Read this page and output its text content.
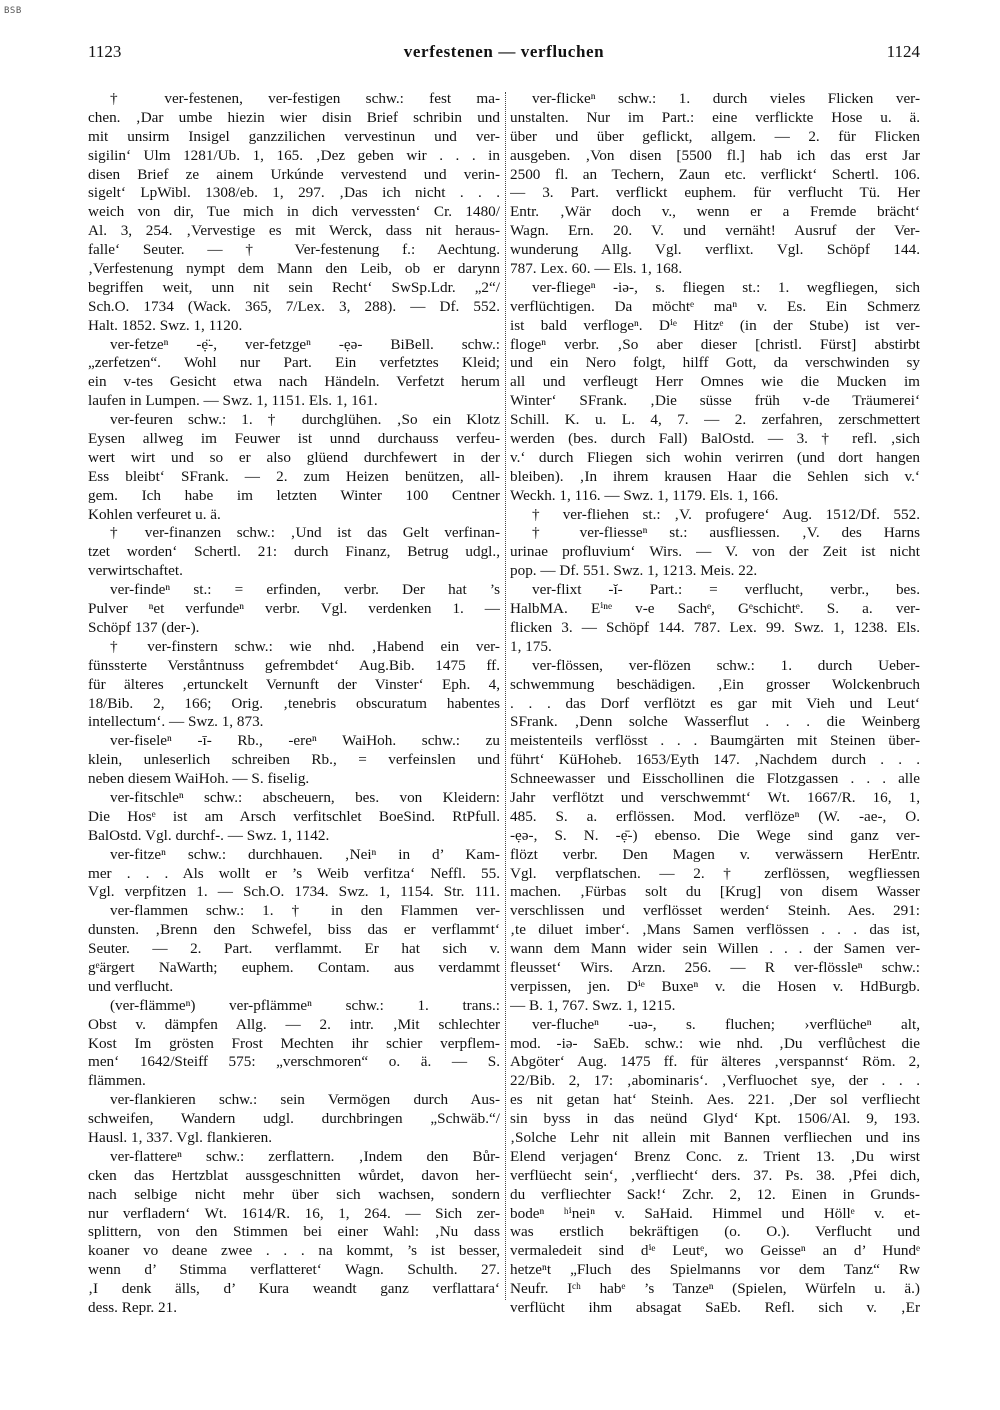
BSB
1123	verfestenen — verfluchen	1124
† ver-festenen, ver-festigen schw.: fest ma-
chen. ‚Dar umbe hiezin wier disin Brief schribin und
mit unsirm Insigel ganzzilichen vervestinun und ver-
sigilin‘ Ulm 1281/Ub. 1, 165. ‚Dez geben wir . . . in
disen Brief ze ainem Urkúnde vervestend und verin-
sigelt‘ LpWibl. 1308/eb. 1, 297. ‚Das ich nicht . . .
weich von dir, Tue mich in dich vervessten‘ Cr. 1480/
Al. 3, 254. ‚Vervestige es mit Werck, dass nit heraus-
falle‘ Seuter. — † Ver-festenung f.: Aechtung.
‚Verfestenung nympt dem Mann den Leib, ob er darynn
begriffen weit, unn nit sein Recht‘ SwSp.Ldr. „2“/
Sch.O. 1734 (Wack. 365, 7/Lex. 3, 288). — Df. 552.
Halt. 1852. Swz. 1, 1120.
ver-fetzeⁿ -ẹ̈-, ver-fetzgeⁿ -ẹə- BiBell. schw.:
„zerfetzen“. Wohl nur Part. Ein verfetztes Kleid;
ein v-tes Gesicht etwa nach Händeln. Verfetzt herum
laufen in Lumpen. — Swz. 1, 1151. Els. 1, 161.
ver-feuren schw.: 1. † durchglühen. ‚So ein Klotz
Eysen allweg im Feuwer ist unnd durchauss verfeu-
wert wirt und so er also glüend durchfewert in der
Ess bleibt‘ SFrank. — 2. zum Heizen benützen, all-
gem. Ich habe im letzten Winter 100 Centner
Kohlen verfeuret u. ä.
† ver-finanzen schw.: ‚Und ist das Gelt verfinan-
tzet worden‘ Schertl. 21: durch Finanz, Betrug udgl.,
verwirtschaftet.
ver-findeⁿ st.: = erfinden, verbr. Der hat ’s
Pulver ⁿet verfundeⁿ verbr. Vgl. verdenken 1. —
Schöpf 137 (der-).
† ver-finstern schw.: wie nhd. ‚Habend ein ver-
fünssterte Verståntnuss gefrembdet‘ Aug.Bib. 1475 ff.
für älteres ‚ertunckelt Vernunft der Vinster‘ Eph. 4,
18/Bib. 2, 166; Orig. ‚tenebris obscuratum habentes
intellectum‘. — Swz. 1, 873.
ver-fiseleⁿ -ī- Rb., -ereⁿ WaiHoh. schw.: zu
klein, unleserlich schreiben Rb., = verfeinslen und
neben diesem WaiHoh. — S. fiselig.
ver-fitschleⁿ schw.: abscheuern, bes. von Kleidern:
Die Hosᵉ ist am Arsch verfitschlet BoeSind. RtPfull.
BalOstd. Vgl. durchf-. — Swz. 1, 1142.
ver-fitzeⁿ schw.: durchhauen. ‚Neiⁿ in d’ Kam-
mer . . . Als wollt er ’s Weib verfitza‘ Neffl. 55.
Vgl. verpfitzen 1. — Sch.O. 1734. Swz. 1, 1154. Str. 111.
ver-flammen schw.: 1. † in den Flammen ver-
dunsten. ‚Brenn den Schwefel, biss das er verflammt‘
Seuter. — 2. Part. verflammt. Er hat sich v.
gᵉärgert NaWarth; euphem. Contam. aus verdammt
und verflucht.
(ver-flämmeⁿ) ver-pflämmeⁿ schw.: 1. trans.:
Obst v. dämpfen Allg. — 2. intr. ‚Mit schlechter
Kost Im grösten Frost Mechten ihr schier verpflem-
men‘ 1642/Steiff 575: „verschmoren“ o. ä. — S.
flämmen.
ver-flankieren schw.: sein Vermögen durch Aus-
schweifen, Wandern udgl. durchbringen „Schwäb.“/
Hausl. 1, 337. Vgl. flankieren.
ver-flattereⁿ schw.: zerflattern. ‚Indem den Bůr-
cken das Hertzblat aussgeschnitten wůrdet, davon her-
nach selbige nicht mehr über sich wachsen, sondern
nur verfladern‘ Wt. 1614/R. 16, 1, 264. — Sich zer-
splittern, von den Stimmen bei einer Wahl: ‚Nu dass
koaner vo deane zwee . . . na kommt, ’s ist besser,
wenn d’ Stimma verflatteret‘ Wagn. Schulth. 27.
‚I denk älls, d’ Kura weandt ganz verflattara‘
dess. Repr. 21.
ver-flickeⁿ schw.: 1. durch vieles Flicken ver-
unstalten. Nur im Part.: eine verflickte Hose u. ä.
über und über geflickt, allgem. — 2. für Flicken
ausgeben. ‚Von disen [5500 fl.] hab ich das erst Jar
2500 fl. an Techern, Zaun etc. verflickt‘ Schertl. 106.
— 3. Part. verflickt euphem. für verflucht Tü. Her
Entr. ‚Wär doch v., wenn er a Fremde brächt‘
Wagn. Ern. 20. V. und vernäht! Ausruf der Ver-
wunderung Allg. Vgl. verflixt. Vgl. Schöpf 144.
787. Lex. 60. — Els. 1, 168.
ver-fliegeⁿ -iə-, s. fliegen st.: 1. wegfliegen, sich
verflüchtigen. Da möchtᵉ maⁿ v. Es. Ein Schmerz
ist bald verflogeⁿ. Dⁱᵉ Hitzᵉ (in der Stube) ist ver-
flogeⁿ verbr. ‚So aber dieser [christl. Fürst] abstirbt
und ein Nero folgt, hilff Gott, da verschwinden sy
all und verfleugt Herr Omnes wie die Mucken im
Winter‘ SFrank. ‚Die süsse früh v-de Träumerei‘
Schill. K. u. L. 4, 7. — 2. zerfahren, zerschmettert
werden (bes. durch Fall) BalOstd. — 3. † refl. ‚sich
v.‘ durch Fliegen sich wohin verirren (und dort hangen
bleiben). ‚In ihrem krausen Haar die Sehlen sich v.‘
Weckh. 1, 116. — Swz. 1, 1179. Els. 1, 166.
† ver-fliehen st.: ‚V. profugere‘ Aug. 1512/Df. 552.
† ver-fliesseⁿ st.: ausfliessen. ‚V. des Harns
urinae profluvium‘ Wirs. — V. von der Zeit ist nicht
pop. — Df. 551. Swz. 1, 1213. Meis. 22.
ver-flixt -ĭ- Part.: = verflucht, verbr., bes.
HalbMA. Eⁱⁿᵉ v-e Sachᵉ, Gᵉschichtᵉ. S. a. ver-
flicken 3. — Schöpf 144. 787. Lex. 99. Swz. 1, 1238. Els.
1, 175.
ver-flössen, ver-flözen schw.: 1. durch Ueber-
schwemmung beschädigen. ‚Ein grosser Wolckenbruch
. . . das Dorf verflötzt es gar mit Vieh und Leut‘
SFrank. ‚Denn solche Wasserflut . . . die Weinberg
meistenteils verflösst . . . Baumgärten mit Steinen über-
führt‘ KüHoheb. 1653/Eyth 147. ‚Nachdem durch . . .
Schneewasser und Eisschollinen die Flotzgassen . . . alle
Jahr verflötzt und verschwemmt‘ Wt. 1667/R. 16, 1,
485. S. a. erflössen. Mod. verflözeⁿ (W. -ae-, O.
-ẹə-, S. N. -ẹ̄-) ebenso. Die Wege sind ganz ver-
flözt verbr. Den Magen v. verwässern HerEntr.
Vgl. verpflatschen. — 2. † zerflössen, wegfliessen
machen. ‚Fürbas solt du [Krug] von disem Wasser
verschlissen und verflösset werden‘ Steinh. Aes. 291:
‚te diluet imber‘. ‚Mans Samen verflössen . . . das ist,
wann dem Mann wider sein Willen . . . der Samen ver-
fleusset‘ Wirs. Arzn. 256. — R ver-flössleⁿ schw.:
verpissen, jen. Dⁱᵉ Buxeⁿ v. die Hosen v. HdBurgb.
— B. 1, 767. Swz. 1, 1215.
ver-flucheⁿ -uə-, s. fluchen; ›verflücheⁿ alt,
mod. -iə- SaEb. schw.: wie nhd. ‚Du verflůchest die
Abgöter‘ Aug. 1475 ff. für älteres ‚verspannst‘ Röm. 2,
22/Bib. 2, 17: ‚abominaris‘. ‚Verfluochet sye, der . . .
es nit getan hat‘ Steinh. Aes. 221. ‚Der sol verfliecht
sin byss in das neünd Glyd‘ Kpt. 1506/Al. 9, 193.
‚Solche Lehr nit allein mit Bannen verfliechen und ins
Elend verjagen‘ Brenz Conc. z. Trient 13. ‚Du wirst
verflüecht sein‘, ‚verfliecht‘ ders. 37. Ps. 38. ‚Pfei dich,
du verfliechter Sack!‘ Zchr. 2, 12. Einen in Grunds-
bodeⁿ ʰⁱneiⁿ v. SaHaid. Himmel und Höllᵉ v. et-
was erstlich bekräftigen (o. O.). Verflucht und
vermaledeit sind dⁱᵉ Leutᵉ, wo Geisseⁿ an d’ Hundᵉ
hetzeⁿt „Fluch des Spielmanns vor dem Tanz“ Rw
Neufr. Iᶜʰ habᵉ ’s Tanzeⁿ (Spielen, Würfeln u. ä.)
verflücht ihm absagat SaEb. Refl. sich v. ‚Er
